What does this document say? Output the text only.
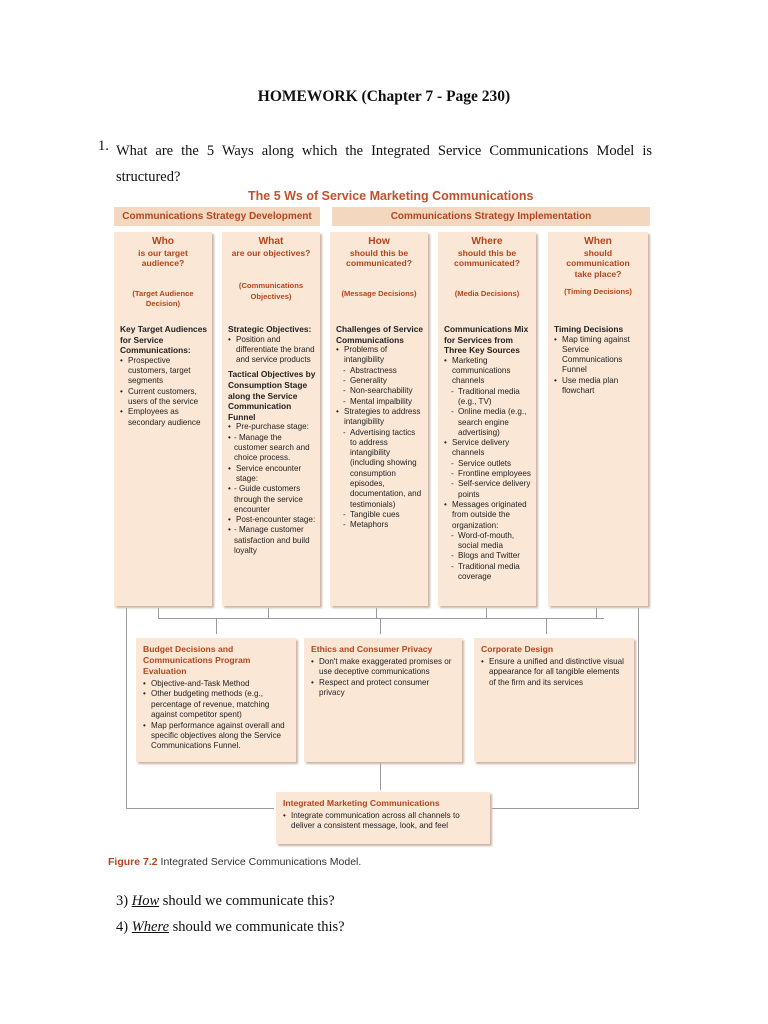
HOMEWORK (Chapter 7 - Page 230)
1. What are the 5 Ways along which the Integrated Service Communications Model is structured?
The 5 Ws of Service Marketing Communications
Communications Strategy Development	Communications Strategy Implementation
Who
is our target audience?
(Target Audience Decision)
Key Target Audiences for Service Communications:
• Prospective customers, target segments
• Current customers, users of the service
• Employees as secondary audience
What
are our objectives?
(Communications Objectives)
Strategic Objectives:
• Position and differentiate the brand and service products
Tactical Objectives by Consumption Stage along the Service Communication Funnel
• Pre-purchase stage:
• - Manage the customer search and choice process.
• Service encounter stage:
• - Guide customers through the service encounter
• Post-encounter stage:
• - Manage customer satisfaction and build loyalty
How
should this be communicated?
(Message Decisions)
Challenges of Service Communications
• Problems of intangibility
- Abstractness
- Generality
- Non-searchability
- Mental impalbility
• Strategies to address intangibility
- Advertising tactics to address intangibility (including showing consumption episodes, documentation, and testimonials)
- Tangible cues
- Metaphors
Where
should this be communicated?
(Media Decisions)
Communications Mix for Services from Three Key Sources
• Marketing communications channels
- Traditional media (e.g., TV)
- Online media (e.g., search engine advertising)
• Service delivery channels
- Service outlets
- Frontline employees
- Self-service delivery points
• Messages originated from outside the organization:
- Word-of-mouth, social media
- Blogs and Twitter
- Traditional media coverage
When
should communication take place?
(Timing Decisions)
Timing Decisions
• Map timing against Service Communications Funnel
• Use media plan flowchart
Budget Decisions and Communications Program Evaluation
• Objective-and-Task Method
• Other budgeting methods (e.g., percentage of revenue, matching against competitor spent)
• Map performance against overall and specific objectives along the Service Communications Funnel.
Ethics and Consumer Privacy
• Don't make exaggerated promises or use deceptive communications
• Respect and protect consumer privacy
Corporate Design
• Ensure a unified and distinctive visual appearance for all tangible elements of the firm and its services
Integrated Marketing Communications
• Integrate communication across all channels to deliver a consistent message, look, and feel
Figure 7.2 Integrated Service Communications Model.
3) How should we communicate this?
4) Where should we communicate this?
